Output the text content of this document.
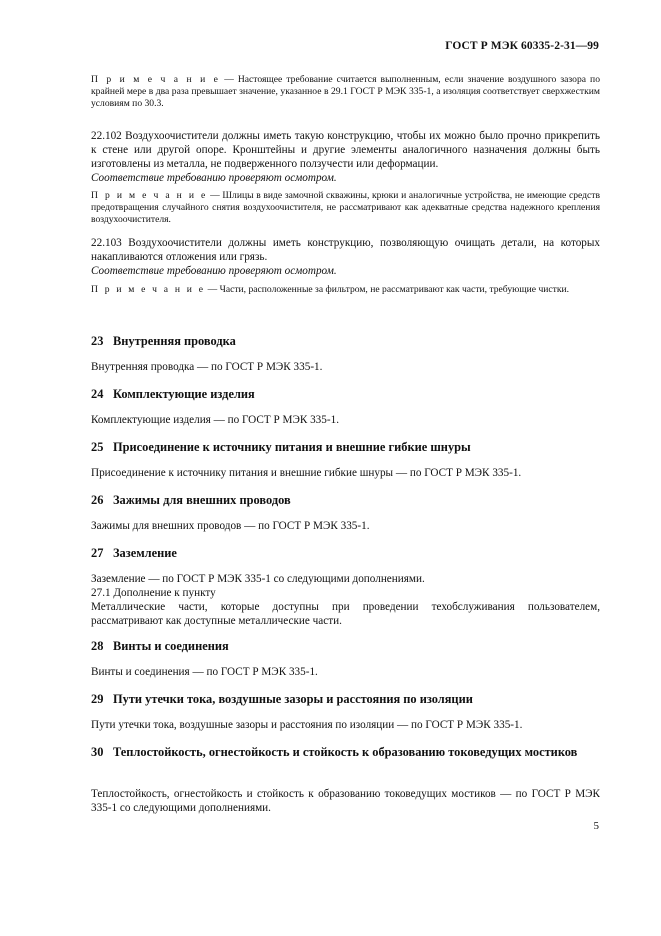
ГОСТ Р МЭК 60335-2-31—99

П р и м е ч а н и е — Настоящее требование считается выполненным, если значение воздушного зазора по крайней мере в два раза превышает значение, указанное в 29.1 ГОСТ Р МЭК 335-1, а изоляция соответствует сверхжестким условиям по 30.3.

22.102 Воздухоочистители должны иметь такую конструкцию, чтобы их можно было прочно прикрепить к стене или другой опоре. Кронштейны и другие элементы аналогичного назначения должны быть изготовлены из металла, не подверженного ползучести или деформации.

Соответствие требованию проверяют осмотром.

П р и м е ч а н и е — Шлицы в виде замочной скважины, крюки и аналогичные устройства, не имеющие средств предотвращения случайного снятия воздухоочистителя, не рассматривают как адекватные средства надежного крепления воздухоочистителя.

22.103 Воздухоочистители должны иметь конструкцию, позволяющую очищать детали, на которых накапливаются отложения или грязь.

Соответствие требованию проверяют осмотром.

П р и м е ч а н и е — Части, расположенные за фильтром, не рассматривают как части, требующие чистки.

23 Внутренняя проводка

Внутренняя проводка — по ГОСТ Р МЭК 335-1.

24 Комплектующие изделия

Комплектующие изделия — по ГОСТ Р МЭК 335-1.

25 Присоединение к источнику питания и внешние гибкие шнуры

Присоединение к источнику питания и внешние гибкие шнуры — по ГОСТ Р МЭК 335-1.

26 Зажимы для внешних проводов

Зажимы для внешних проводов — по ГОСТ Р МЭК 335-1.

27 Заземление

Заземление — по ГОСТ Р МЭК 335-1 со следующими дополнениями.

27.1 Дополнение к пункту

Металлические части, которые доступны при проведении техобслуживания пользователем, рассматривают как доступные металлические части.

28 Винты и соединения

Винты и соединения — по ГОСТ Р МЭК 335-1.

29 Пути утечки тока, воздушные зазоры и расстояния по изоляции

Пути утечки тока, воздушные зазоры и расстояния по изоляции — по ГОСТ Р МЭК 335-1.

30 Теплостойкость, огнестойкость и стойкость к образованию токоведущих мостиков

Теплостойкость, огнестойкость и стойкость к образованию токоведущих мостиков — по ГОСТ Р МЭК 335-1 со следующими дополнениями.

5
